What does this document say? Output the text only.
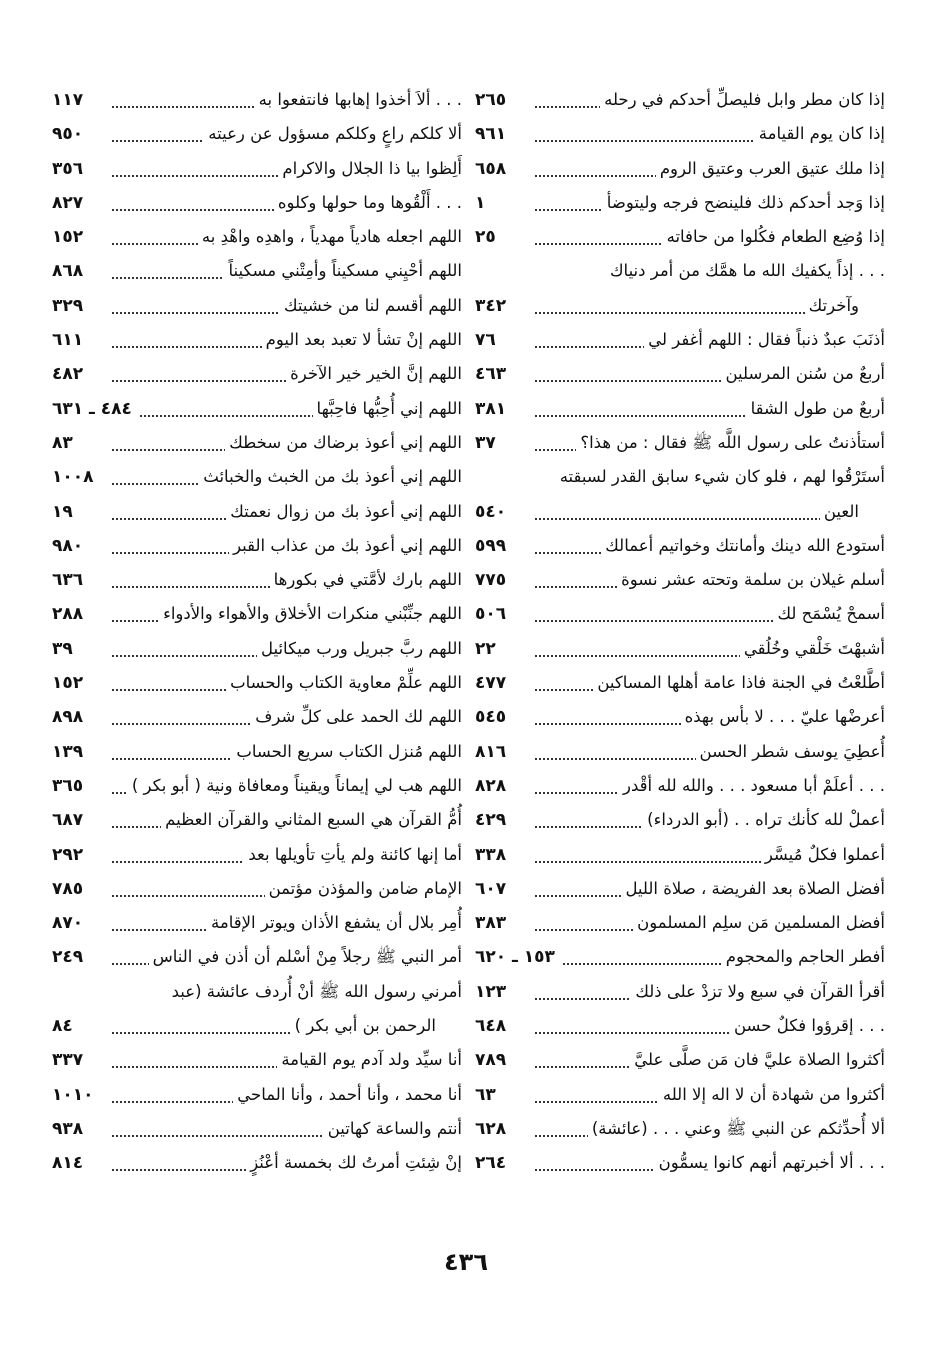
إذا كان مطر وابل فليصلِّ أحدكم في رحله
٢٦٥
إذا كان يوم القيامة
٩٦١
إذا ملك عتيق العرب وعتيق الروم
٦٥٨
إذا وَجد أحدكم ذلك فلينضح فرجه وليتوضأ
١
إذا وُضِع الطعام فكُلوا من حافاته
٢٥
. . . إذاً يكفيك الله ما همَّك من أمر دنياك
وآخرتك
٣٤٢
أذنَبَ عبدٌ ذنباً فقال : اللهم أغفر لي
٧٦
أربعٌ من سُنن المرسلين
٤٦٣
أربعٌ من طول الشقا
٣٨١
أستأذنتُ على رسول اللَّه ﷺ فقال : من هذا؟
٣٧
أستَرْقُوا لهم ، فلو كان شيء سابق القدر لسبقته
العين
٥٤٠
أستودع الله دينك وأمانتك وخواتيم أعمالك
٥٩٩
أسلم غيلان بن سلمة وتحته عشر نسوة
٧٧٥
أسمحْ يُسْمَح لك
٥٠٦
أشبهْتَ خَلْقي وخُلُقي
٢٢
أطَّلعْتُ في الجنة فاذا عامة أهلها المساكين
٤٧٧
أعرضْها عليّ . . . لا بأس بهذه
٥٤٥
أُعطِيَ يوسف شطر الحسن
٨١٦
. . . أعلَمْ أبا مسعود . . . والله لله أقْدر
٨٢٨
أعملْ لله كأنك تراه . . (أبو الدرداء)
٤٢٩
أعملوا فكلٌ مُيسَّر
٣٣٨
أفضل الصلاة بعد الفريضة ، صلاة الليل
٦٠٧
أفضل المسلمين مَن سلِم المسلمون
٣٨٣
أفطر الحاجم والمحجوم
١٥٣ ـ ٦٢٠
أقرأ القرآن في سبع ولا تزدْ على ذلك
١٢٣
. . . إقرؤوا فكلٌ حسن
٦٤٨
أكثروا الصلاة عليَّ فان مَن صلَّى عليَّ
٧٨٩
أكثروا من شهادة أن لا اله إلا الله
٦٣
ألا أُحدِّثكم عن النبي ﷺ وعني . . . (عائشة)
٦٢٨
. . . ألا أخبرتهم أنهم كانوا يسمُّون
٢٦٤
. . . ألاَ أخذوا إهابها فانتفعوا به
١١٧
ألا كلكم راعٍ وكلكم مسؤول عن رعيته
٩٥٠
أَلِظوا بيا ذا الجلال والاكرام
٣٥٦
. . . أَلْقُوها وما حولها وكلوه
٨٢٧
اللهم اجعله هادياً مهدياً ، واهدِه واهْدِ به
١٥٢
اللهم أحْيِني مسكيناً وأمِتْني مسكيناً
٨٦٨
اللهم أقسم لنا من خشيتك
٣٢٩
اللهم إنْ تشأ لا تعبد بعد اليوم
٦١١
اللهم إنَّ الخير خير الآخرة
٤٨٢
اللهم إني أُحِبُّها فاحِبَّها
٤٨٤ ـ ٦٣١
اللهم إني أعوذ برضاك من سخطك
٨٣
اللهم إني أعوذ بك من الخبث والخبائث
١٠٠٨
اللهم إني أعوذ بك من زوال نعمتك
١٩
اللهم إني أعوذ بك من عذاب القبر
٩٨٠
اللهم بارك لأمَّتي في بكورها
٦٣٦
اللهم جنِّبْني منكرات الأخلاق والأهواء والأدواء
٢٨٨
اللهم ربَّ جبريل ورب ميكائيل
٣٩
اللهم علِّمْ معاوية الكتاب والحساب
١٥٢
اللهم لك الحمد على كلِّ شرف
٨٩٨
اللهم مُنزل الكتاب سريع الحساب
١٣٩
اللهم هب لي إيماناً ويقيناً ومعافاة ونية ( أبو بكر )
٣٦٥
أُمُّ القرآن هي السبع المثاني والقرآن العظيم
٦٨٧
أما إنها كائنة ولم يأتِ تأويلها بعد
٢٩٢
الإمام ضامن والمؤذن مؤتمن
٧٨٥
أُمِر بلال أن يشفع الأذان ويوتر الإقامة
٨٧٠
أمر النبي ﷺ رجلاً مِنْ أسْلم أن أذن في الناس
٢٤٩
أمرني رسول الله ﷺ أنْ أُردف عائشة (عبد
الرحمن بن أبي بكر )
٨٤
أنا سيِّد ولد آدم يوم القيامة
٣٣٧
أنا محمد ، وأنا أحمد ، وأنا الماحي
١٠١٠
أنتم والساعة كهاتين
٩٣٨
إنْ شِئتِ أمرتُ لك بخمسة أعْنُزٍ
٨١٤
٤٣٦
